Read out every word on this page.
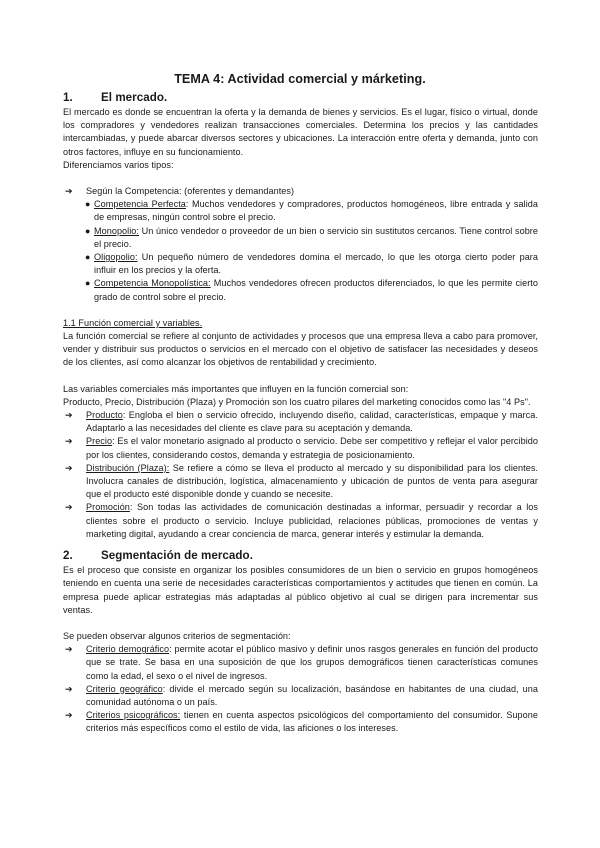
TEMA 4: Actividad comercial y márketing.
1.	El mercado.

El mercado es donde se encuentran la oferta y la demanda de bienes y servicios. Es el lugar, físico o virtual, donde los compradores y vendedores realizan transacciones comerciales. Determina los precios y las cantidades intercambiadas, y puede abarcar diversos sectores y ubicaciones. La interacción entre oferta y demanda, junto con otros factores, influye en su funcionamiento.

Diferenciamos varios tipos:

➔	Según la Competencia: (oferentes y demandantes)
● Competencia Perfecta: Muchos vendedores y compradores, productos homogéneos, libre entrada y salida de empresas, ningún control sobre el precio.
● Monopolio: Un único vendedor o proveedor de un bien o servicio sin sustitutos cercanos. Tiene control sobre el precio.
● Oligopolio: Un pequeño número de vendedores domina el mercado, lo que les otorga cierto poder para influir en los precios y la oferta.
● Competencia Monopolística: Muchos vendedores ofrecen productos diferenciados, lo que les permite cierto grado de control sobre el precio.

1.1 Función comercial y variables.

La función comercial se refiere al conjunto de actividades y procesos que una empresa lleva a cabo para promover, vender y distribuir sus productos o servicios en el mercado con el objetivo de satisfacer las necesidades y deseos de los clientes, así como alcanzar los objetivos de rentabilidad y crecimiento.

Las variables comerciales más importantes que influyen en la función comercial son:

Producto, Precio, Distribución (Plaza) y Promoción son los cuatro pilares del marketing conocidos como las "4 Ps".

➔	Producto: Engloba el bien o servicio ofrecido, incluyendo diseño, calidad, características, empaque y marca. Adaptarlo a las necesidades del cliente es clave para su aceptación y demanda.
➔	Precio: Es el valor monetario asignado al producto o servicio. Debe ser competitivo y reflejar el valor percibido por los clientes, considerando costos, demanda y estrategia de posicionamiento.
➔	Distribución (Plaza): Se refiere a cómo se lleva el producto al mercado y su disponibilidad para los clientes. Involucra canales de distribución, logística, almacenamiento y ubicación de puntos de venta para asegurar que el producto esté disponible donde y cuando se necesite.
➔	Promoción: Son todas las actividades de comunicación destinadas a informar, persuadir y recordar a los clientes sobre el producto o servicio. Incluye publicidad, relaciones públicas, promociones de ventas y marketing digital, ayudando a crear conciencia de marca, generar interés y estimular la demanda.
2.	Segmentación de mercado.

Es el proceso que consiste en organizar los posibles consumidores de un bien o servicio en grupos homogéneos teniendo en cuenta una serie de necesidades características comportamientos y actitudes que tienen en común. La empresa puede aplicar estrategias más adaptadas al público objetivo al cual se dirigen para incrementar sus ventas.

Se pueden observar algunos criterios de segmentación:

➔	Criterio demográfico: permite acotar el público masivo y definir unos rasgos generales en función del producto que se trate. Se basa en una suposición de que los grupos demográficos tienen características comunes como la edad, el sexo o el nivel de ingresos.
➔	Criterio geográfico: divide el mercado según su localización, basándose en habitantes de una ciudad, una comunidad autónoma o un país.
➔	Criterios psicográficos: tienen en cuenta aspectos psicológicos del comportamiento del consumidor. Supone criterios más específicos como el estilo de vida, las aficiones o los intereses.
